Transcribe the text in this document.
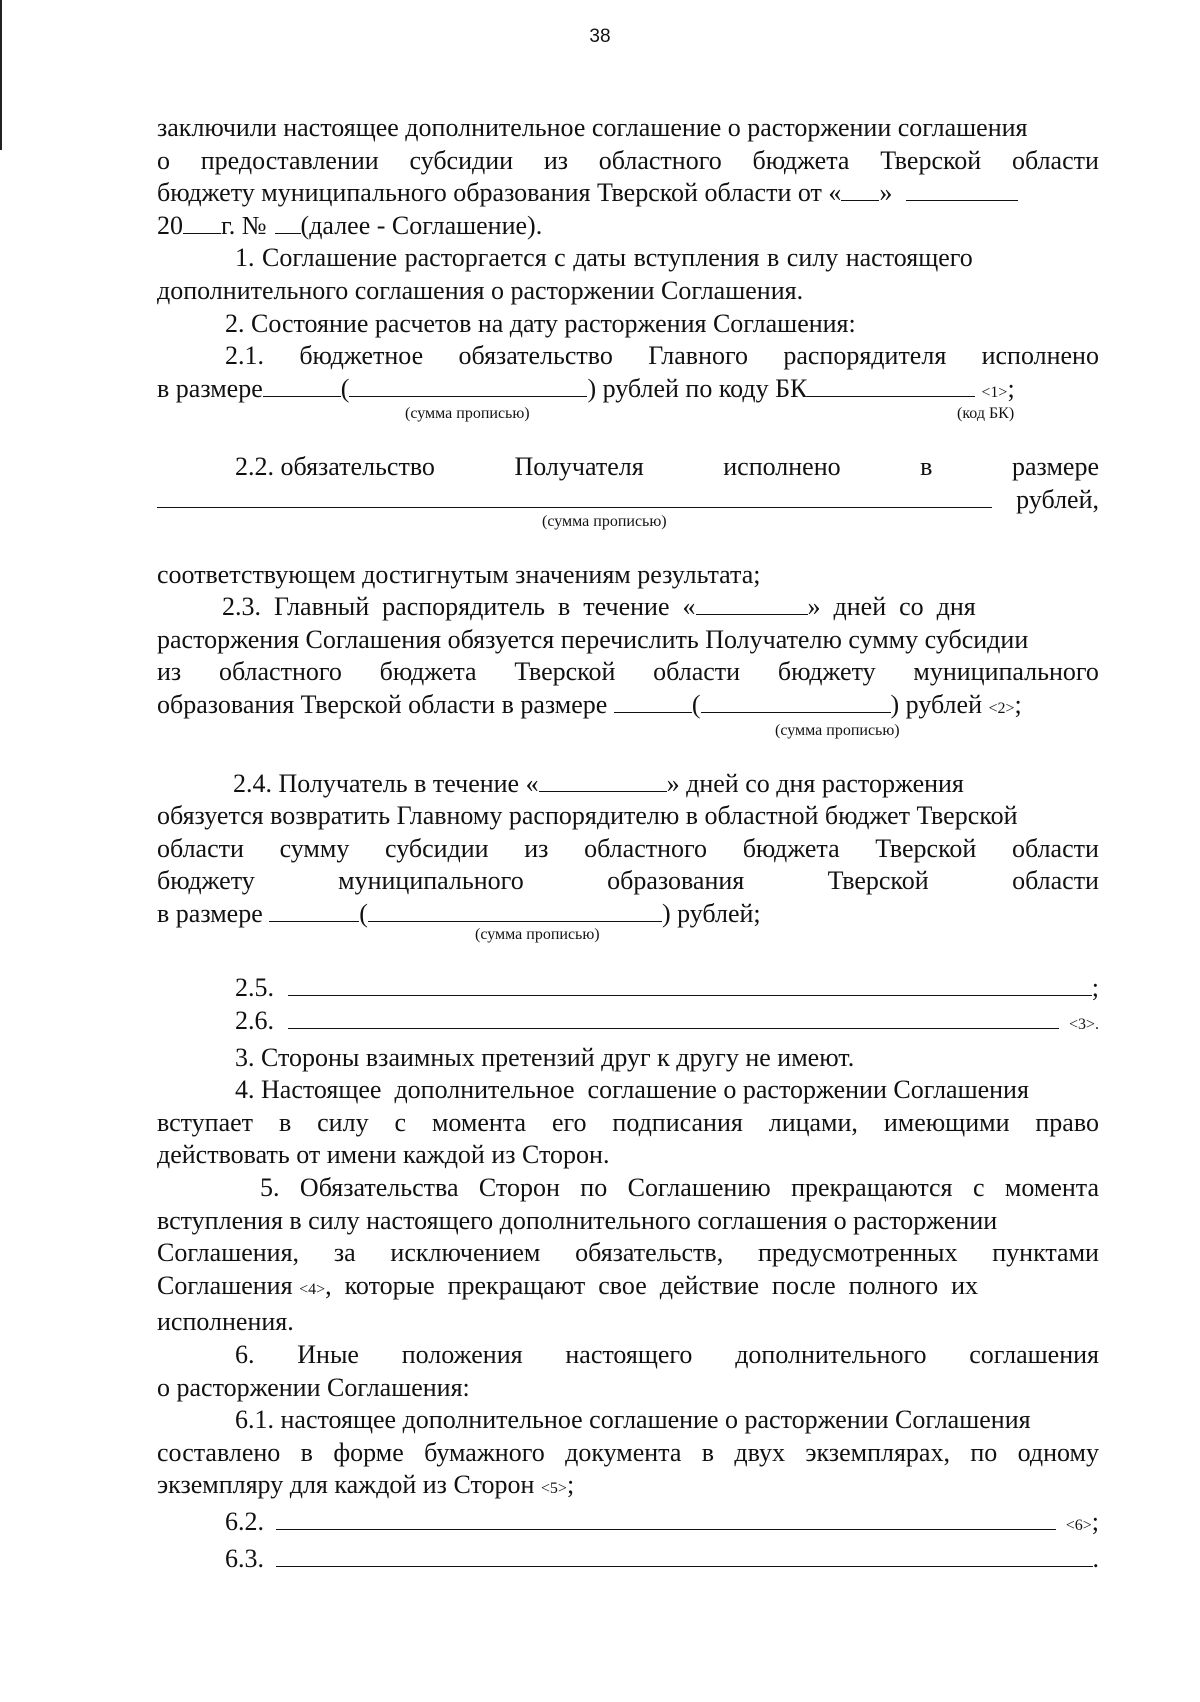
38
заключили настоящее дополнительное соглашение о расторжении соглашения
о предоставлении субсидии из областного бюджета Тверской области
бюджету муниципального образования Тверской области от « »
20 г. № (далее - Соглашение).
1. Соглашение расторгается с даты вступления в силу настоящего
дополнительного соглашения о расторжении Соглашения.
2. Состояние расчетов на дату расторжения Соглашения:
2.1. бюджетное обязательство Главного распорядителя исполнено
в размере	(	) рублей по коду БК	<1> ;
(сумма прописью)	(код БК)
2.2. обязательство	Получателя	исполнено	в	размере
рублей,
(сумма прописью)
соответствующем достигнутым значениям результата;
2.3.  Главный  распорядитель  в  течение  «	»  дней  со  дня
расторжения Соглашения обязуется перечислить Получателю сумму субсидии
из областного бюджета Тверской области бюджету муниципального
образования Тверской области в размере	(	) рублей <2> ;
(сумма прописью)
2.4. Получатель в течение «	» дней со дня расторжения
обязуется возвратить Главному распорядителю в областной бюджет Тверской
области сумму субсидии из областного бюджета Тверской области
бюджету	муниципального	образования	Тверской	области
в размере	(	) рублей;
(сумма прописью)
2.5.	;
2.6.	<3>.
3. Стороны взаимных претензий друг к другу не имеют.
4. Настоящее  дополнительное  соглашение о расторжении Соглашения
вступает в силу с момента его подписания лицами, имеющими право
действовать от имени каждой из Сторон.
5. Обязательства Сторон по Соглашению прекращаются с момента
вступления в силу настоящего дополнительного соглашения о расторжении
Соглашения, за исключением обязательств, предусмотренных пунктами
Соглашения <4> ,  которые  прекращают  свое  действие  после  полного  их
исполнения.
6. Иные положения настоящего дополнительного соглашения
о расторжении Соглашения:
6.1. настоящее дополнительное соглашение о расторжении Соглашения
составлено в форме бумажного документа в двух экземплярах, по одному
экземпляру для каждой из Сторон <5> ;
6.2.	<6> ;
6.3.	.
